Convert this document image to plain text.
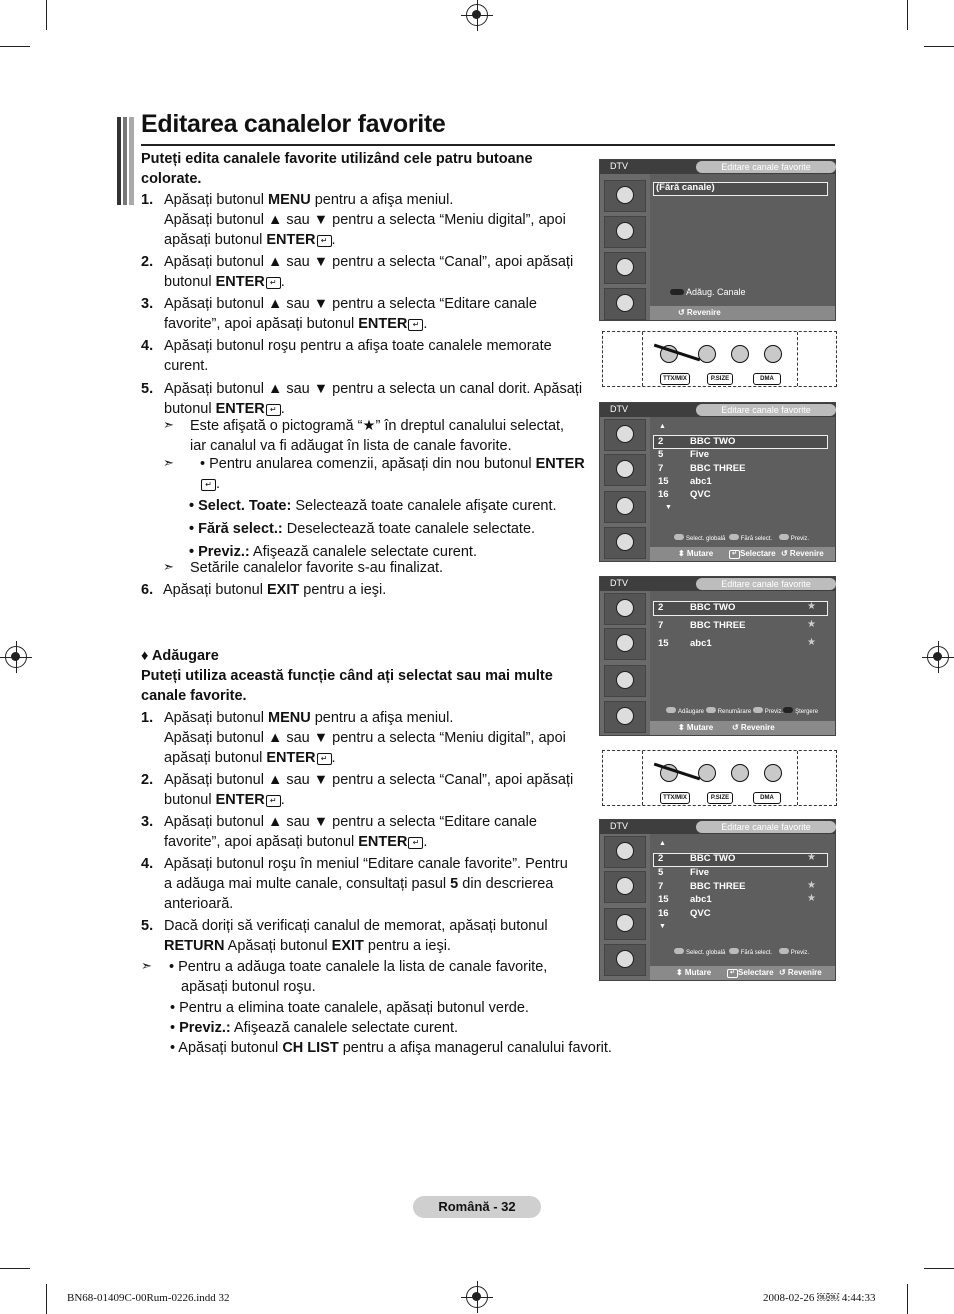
Editarea canalelor favorite
Puteți edita canalele favorite utilizând cele patru butoane colorate.
1. Apăsați butonul MENU pentru a afişa meniul.
Apăsați butonul ▲ sau ▼ pentru a selecta “Meniu digital”, apoi
apăsați butonul ENTER ↵ .
2. Apăsați butonul ▲ sau ▼ pentru a selecta “Canal”, apoi apăsați
butonul ENTER ↵ .
3. Apăsați butonul ▲ sau ▼ pentru a selecta “Editare canale
favorite”, apoi apăsați butonul ENTER ↵ .
4. Apăsați butonul roşu pentru a afişa toate canalele memorate
curent.
5. Apăsați butonul ▲ sau ▼ pentru a selecta un canal dorit. Apăsați
butonul ENTER ↵ .
➣ Este afişată o pictogramă “★” în dreptul canalului selectat,
iar canalul va fi adăugat în lista de canale favorite.
➣ • Pentru anularea comenzii, apăsați din nou butonul ENTER
↵ .
• Select. Toate: Selectează toate canalele afişate curent.
• Fără select.: Deselectează toate canalele selectate.
• Previz.: Afişează canalele selectate curent.
➣ Setările canalelor favorite s-au finalizat.
6. Apăsați butonul EXIT pentru a ieşi.
♦ Adăugare
Puteți utiliza această funcție când ați selectat sau mai multe
canale favorite.
1. Apăsați butonul MENU pentru a afişa meniul.
Apăsați butonul ▲ sau ▼ pentru a selecta “Meniu digital”, apoi
apăsați butonul ENTER ↵ .
2. Apăsați butonul ▲ sau ▼ pentru a selecta “Canal”, apoi apăsați
butonul ENTER ↵ .
3. Apăsați butonul ▲ sau ▼ pentru a selecta “Editare canale
favorite”, apoi apăsați butonul ENTER ↵ .
4. Apăsați butonul roşu în meniul “Editare canale favorite”. Pentru
a adăuga mai multe canale, consultați pasul 5 din descrierea
anterioară.
5. Dacă doriți să verificați canalul de memorat, apăsați butonul
RETURN Apăsați butonul EXIT pentru a ieşi.
➣ • Pentru a adăuga toate canalele la lista de canale favorite,
apăsați butonul roşu.
• Pentru a elimina toate canalele, apăsați butonul verde.
• Previz.: Afişează canalele selectate curent.
• Apăsați butonul CH LIST pentru a afişa managerul canalului favorit.
DTV	Editare canale favorite
(Fără canale)
Adăug. Canale
↺ Revenire
TTX/MIX	P.SIZE	DMA
DTV	Editare canale favorite
▲
2	BBC TWO
5	Five
7	BBC THREE
15 abc1
16 QVC
▼
Select. globală	Fără select.	Previz.
⬍ Mutare	↵ Selectare ↺ Revenire
DTV	Editare canale favorite
2	BBC TWO	★
7	BBC THREE	★
15 abc1	★
Adăugare Renumărare Previz. Ştergere
⬍ Mutare ↺ Revenire
TTX/MIX	P.SIZE	DMA
DTV	Editare canale favorite
▲
2	BBC TWO	★
5	Five
7	BBC THREE	★
15 abc1	★
16 QVC
▼
Select. globală	Fără select.	Previz.
⬍ Mutare	↵ Selectare ↺ Revenire
Română - 32
BN68-01409C-00Rum-0226.indd 32	2008-02-26 ￼￼ 4:44:33
